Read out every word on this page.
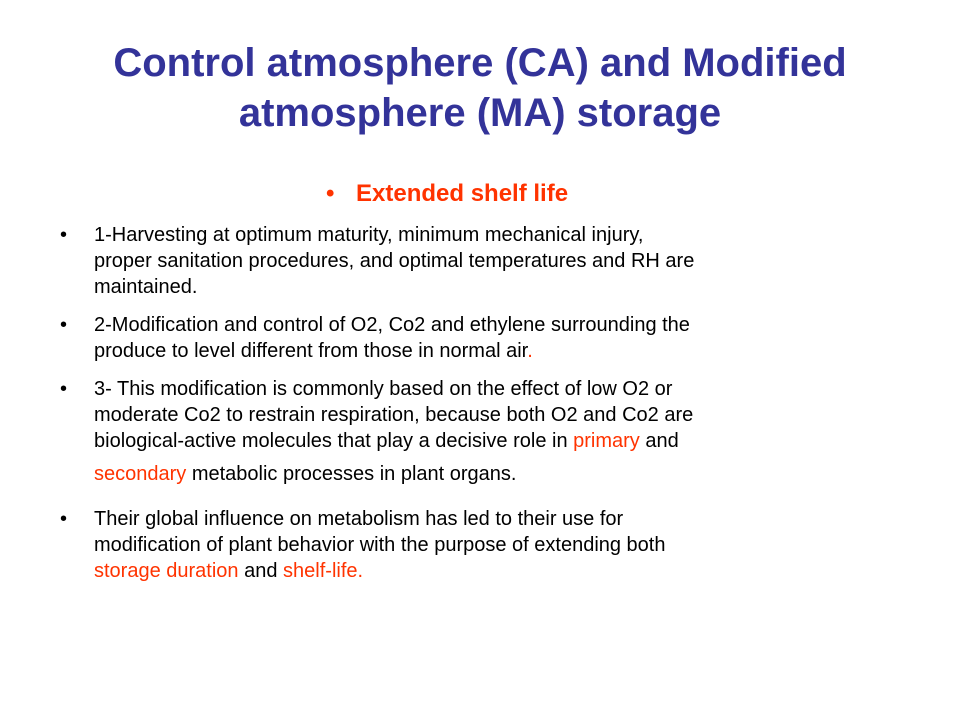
Control atmosphere (CA) and Modified
atmosphere (MA) storage
• Extended shelf life
• 1-Harvesting at optimum maturity, minimum mechanical injury,
proper sanitation procedures, and optimal temperatures and RH are
maintained.
• 2-Modification and control of O2, Co2 and ethylene surrounding the
produce to level different from those in normal air.
• 3- This modification is commonly based on the effect of low O2 or
moderate Co2 to restrain respiration, because both O2 and Co2 are
biological-active molecules that play a decisive role in primary and
secondary metabolic processes in plant organs.
• Their global influence on metabolism has led to their use for
modification of plant behavior with the purpose of extending both
storage duration and shelf-life.
